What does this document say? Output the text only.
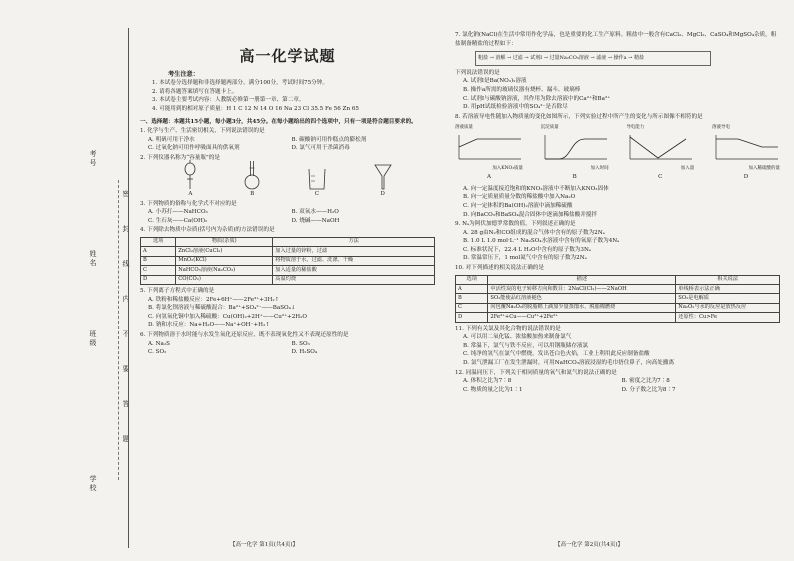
考号
姓名
班级
学校
密
封
线
内
不
要
答
题
高一化学试题
考生注意：
1. 本试卷分选择题和非选择题两部分。满分100分，考试时间75分钟。
2. 请将各题答案填写在答题卡上。
3. 本试卷主要考试内容：人教版必修第一册第一章、第二章。
4. 可能用到的相对原子质量：H 1 C 12 N 14 O 16 Na 23 Cl 35.5 Fe 56 Zn 65
一、选择题：本题共15小题，每小题3分，共45分。在每小题给出的四个选项中，只有一项是符合题目要求的。
1. 化学与生产、生活密切相关，下列说法错误的是
A. 明矾可用于净水	B. 碳酸钠可用作糕点的膨松剂
C. 过氧化钠可用作呼吸面具的供氧剂	D. 氯气可用于杀菌消毒
2. 下列仪器名称为“容量瓶”的是
A	B	C	D
3. 下列物质的俗称与化学式不对应的是
A. 小苏打——NaHCO₃	B. 双氧水——H₂O
C. 生石灰——Ca(OH)₂	D. 烧碱——NaOH
4. 下列除去物质中杂质(括号内为杂质)的方法错误的是
选项	物质(杂质)	方法
A	ZnCl₂溶液(CuCl₂)	加入过量的锌粉，过滤
B	MnO₂(KCl)	将物质溶于水，过滤、洗涤、干燥
C	NaHCO₃溶液(Na₂CO₃)	加入适量的稀盐酸
D	CO(CO₂)	高温灼烧
5. 下列离子方程式中正确的是
A. 铁粉和稀盐酸反应：2Fe+6H⁺——2Fe³⁺+3H₂↑
B. 将氯化钡溶液与稀硫酸混合：Ba²⁺+SO₄²⁻——BaSO₄↓
C. 向氢氧化铜中加入稀硫酸：Cu(OH)₂+2H⁺——Cu²⁺+2H₂O
D. 钠和水反应：Na+H₂O——Na⁺+OH⁻+H₂↑
6. 下列物质溶于水时能与水发生氧化还原反应，既不表现氧化性又不表现还原性的是
A. Na₂S	B. SO₃
C. SO₂	D. H₂SO₄
7. 氯化钠(NaCl)在生活中常用作化学品，也是重要的化工生产原料。粗盐中一般含有CaCl₂、MgCl₂、CaSO₄和MgSO₄杂质，粗盐制备精盐的过程如下：
粗盐 → 溶解 → 过滤 → 试剂Ⅰ → 过量Na₂CO₃溶液 → 滤液 → 操作a → 精盐
下列说法错误的是
A. 试剂Ⅰ是Ba(NO₃)₂溶液
B. 操作a所需的玻璃仪器有烧杯、漏斗、玻璃棒
C. 试剂Ⅰ与碳酸钠溶液，其作用为除去溶液中的Ca²⁺和Ba²⁺
D. 用pH试纸检验溶液中的SO₄²⁻是否除尽
8. 若溶液导电性随加入物质量的变化如图所示，下列实验过程中所产生的变化与所示图像不相符的是
溶液质量
加入KNO₃质量
A
沉淀质量
加入时间
B
导电能力
加入量
C
溶液导电
加入稀硫酸的量
D
A. 向一定温度接近饱和的KNO₃溶液中不断加入KNO₃固体
B. 向一定质量质量分数的稀盐酸中加入Na₂O
C. 向一定体积的Ba(OH)₂溶液中滴加稀硫酸
D. 向BaCO₃和BaSO₄混合固体中逐滴加稀盐酸并搅拌
9. Nₐ为阿伏加德罗常数的值，下列叙述正确的是
A. 28 g由N₂和CO组成的混合气体中含有的原子数为2Nₐ
B. 1.0 L 1.0 mol·L⁻¹ Na₂SO₄水溶液中含有的氧原子数为4Nₐ
C. 标准状况下，22.4 L H₂O中含有的原子数为3Nₐ
D. 常温常压下，1 mol氦气中含有的原子数为2Nₐ
10. 对下列描述的相关说法正确的是
选项	描述	相关说法
A	中活性炭的电子转移方向和数目：2NaCl(Cl₂)——2NaOH	单线桥表示法正确
B	SO₂能使品红溶液褪色	SO₂是电解质
C	向包覆Na₂O₂的脱脂棉上滴加少量蒸馏水，脱脂棉燃烧	Na₂O₂与水的反应是放热反应
D	2Fe³⁺+Cu——Cu²⁺+2Fe²⁺	还原性：Cu>Fe
11. 下列有关氯及其化合物的说法错误的是
A. 可以用二氧化锰、浓盐酸加热来制备氯气
B. 常温下，氯气与铁不反应，可以用钢瓶储存液氯
C. 纯净的氢气在氯气中燃烧，发出苍白色火焰，工业上利用此反应制备盐酸
D. 氯气泄漏工厂在发生泄漏时，可用NaHCO₃溶液浸湿的毛巾捂住鼻子，向高处撤离
12. 同温同压下，下列关于相同质量的氧气和氮气的说法正确的是
A. 体积之比为7∶8	B. 密度之比为7∶8
C. 物质的量之比为1∶1	D. 分子数之比为8∶7
【高一化学 第1页(共4页)】	【高一化学 第2页(共4页)】
